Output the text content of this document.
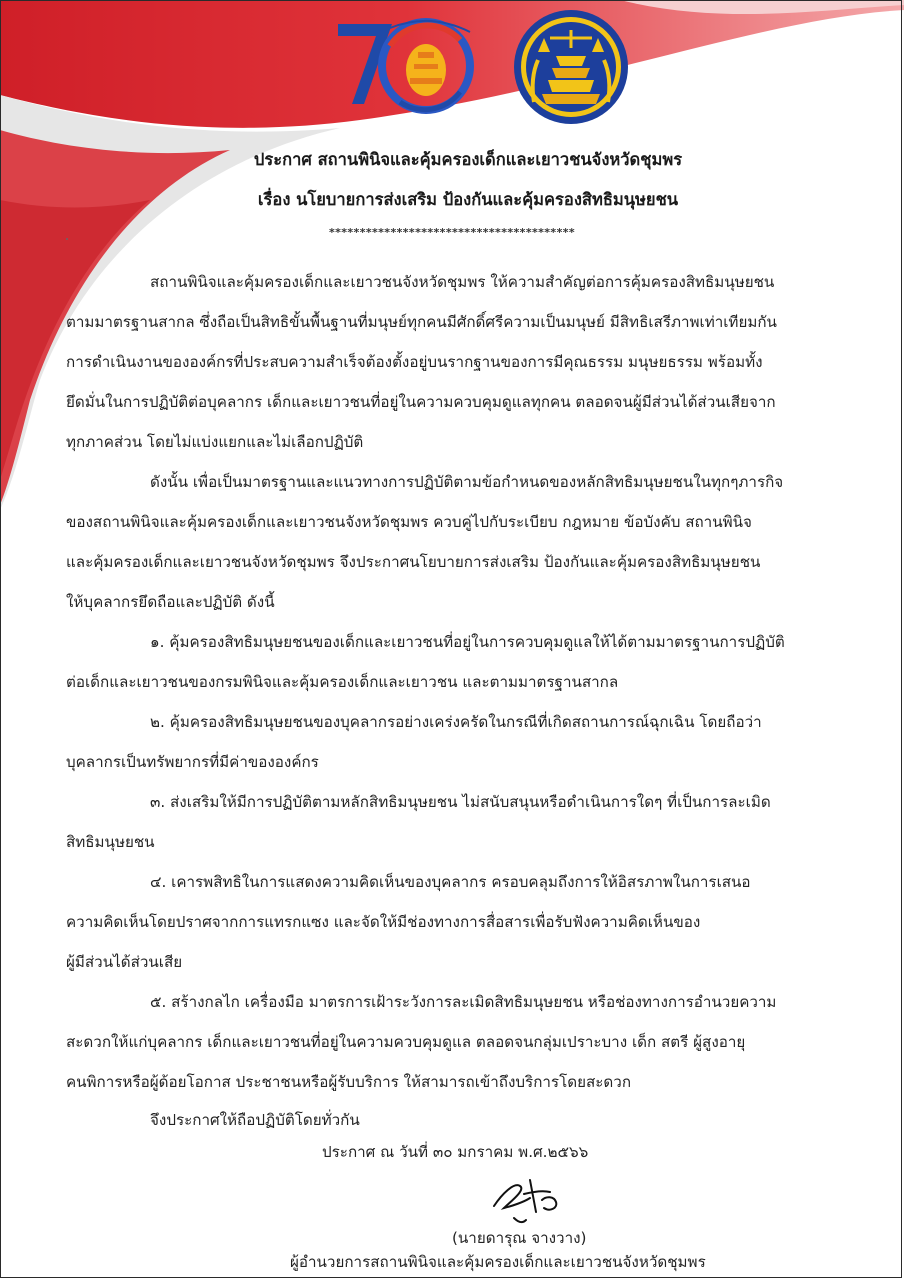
ประกาศ สถานพินิจและคุ้มครองเด็กและเยาวชนจังหวัดชุมพร
เรื่อง นโยบายการส่งเสริม ป้องกันและคุ้มครองสิทธิมนุษยชน
****************************************
สถานพินิจและคุ้มครองเด็กและเยาวชนจังหวัดชุมพร ให้ความสำคัญต่อการคุ้มครองสิทธิมนุษยชน
ตามมาตรฐานสากล ซึ่งถือเป็นสิทธิขั้นพื้นฐานที่มนุษย์ทุกคนมีศักดิ์ศรีความเป็นมนุษย์ มีสิทธิเสรีภาพเท่าเทียมกัน
การดำเนินงานขององค์กรที่ประสบความสำเร็จต้องตั้งอยู่บนรากฐานของการมีคุณธรรม มนุษยธรรม พร้อมทั้ง
ยึดมั่นในการปฏิบัติต่อบุคลากร เด็กและเยาวชนที่อยู่ในความควบคุมดูแลทุกคน ตลอดจนผู้มีส่วนได้ส่วนเสียจาก
ทุกภาคส่วน โดยไม่แบ่งแยกและไม่เลือกปฏิบัติ
ดังนั้น เพื่อเป็นมาตรฐานและแนวทางการปฏิบัติตามข้อกำหนดของหลักสิทธิมนุษยชนในทุกๆภารกิจ
ของสถานพินิจและคุ้มครองเด็กและเยาวชนจังหวัดชุมพร ควบคู่ไปกับระเบียบ กฎหมาย ข้อบังคับ สถานพินิจ
และคุ้มครองเด็กและเยาวชนจังหวัดชุมพร จึงประกาศนโยบายการส่งเสริม ป้องกันและคุ้มครองสิทธิมนุษยชน
ให้บุคลากรยึดถือและปฏิบัติ ดังนี้
๑. คุ้มครองสิทธิมนุษยชนของเด็กและเยาวชนที่อยู่ในการควบคุมดูแลให้ได้ตามมาตรฐานการปฏิบัติ
ต่อเด็กและเยาวชนของกรมพินิจและคุ้มครองเด็กและเยาวชน และตามมาตรฐานสากล
๒. คุ้มครองสิทธิมนุษยชนของบุคลากรอย่างเคร่งครัดในกรณีที่เกิดสถานการณ์ฉุกเฉิน โดยถือว่า
บุคลากรเป็นทรัพยากรที่มีค่าขององค์กร
๓. ส่งเสริมให้มีการปฏิบัติตามหลักสิทธิมนุษยชน ไม่สนับสนุนหรือดำเนินการใดๆ ที่เป็นการละเมิด
สิทธิมนุษยชน
๔. เคารพสิทธิในการแสดงความคิดเห็นของบุคลากร ครอบคลุมถึงการให้อิสรภาพในการเสนอ
ความคิดเห็นโดยปราศจากการแทรกแซง และจัดให้มีช่องทางการสื่อสารเพื่อรับฟังความคิดเห็นของ
ผู้มีส่วนได้ส่วนเสีย
๕. สร้างกลไก เครื่องมือ มาตรการเฝ้าระวังการละเมิดสิทธิมนุษยชน หรือช่องทางการอำนวยความ
สะดวกให้แก่บุคลากร เด็กและเยาวชนที่อยู่ในความควบคุมดูแล ตลอดจนกลุ่มเปราะบาง เด็ก สตรี ผู้สูงอายุ
คนพิการหรือผู้ด้อยโอกาส ประชาชนหรือผู้รับบริการ ให้สามารถเข้าถึงบริการโดยสะดวก
จึงประกาศให้ถือปฏิบัติโดยทั่วกัน
ประกาศ ณ วันที่ ๓๐ มกราคม พ.ศ.๒๕๖๖
(นายดารุณ จางวาง)
ผู้อำนวยการสถานพินิจและคุ้มครองเด็กและเยาวชนจังหวัดชุมพร
